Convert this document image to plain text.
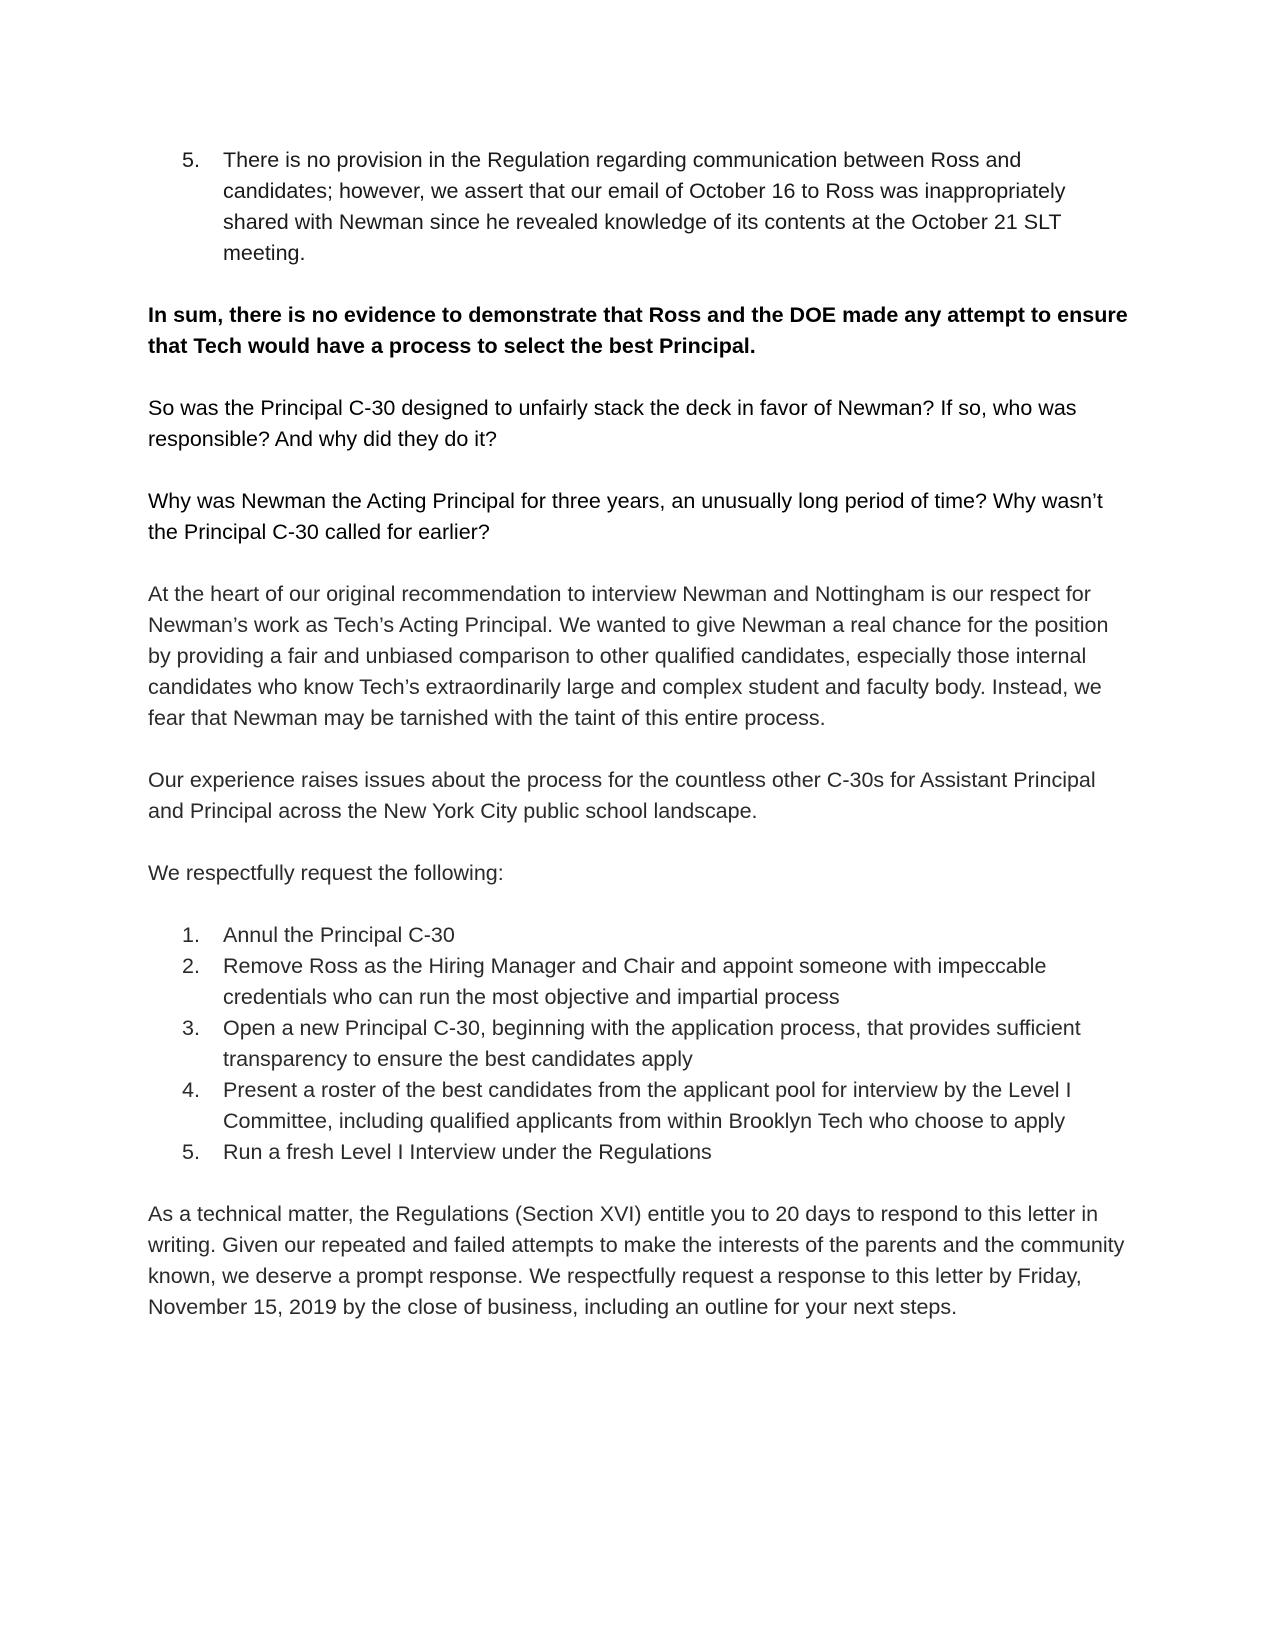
5. There is no provision in the Regulation regarding communication between Ross and candidates; however, we assert that our email of October 16 to Ross was inappropriately shared with Newman since he revealed knowledge of its contents at the October 21 SLT meeting.

In sum, there is no evidence to demonstrate that Ross and the DOE made any attempt to ensure that Tech would have a process to select the best Principal.

So was the Principal C-30 designed to unfairly stack the deck in favor of Newman? If so, who was responsible? And why did they do it?

Why was Newman the Acting Principal for three years, an unusually long period of time? Why wasn’t the Principal C-30 called for earlier?

At the heart of our original recommendation to interview Newman and Nottingham is our respect for Newman’s work as Tech’s Acting Principal. We wanted to give Newman a real chance for the position by providing a fair and unbiased comparison to other qualified candidates, especially those internal candidates who know Tech’s extraordinarily large and complex student and faculty body. Instead, we fear that Newman may be tarnished with the taint of this entire process.

Our experience raises issues about the process for the countless other C-30s for Assistant Principal and Principal across the New York City public school landscape.

We respectfully request the following:

1. Annul the Principal C-30
2. Remove Ross as the Hiring Manager and Chair and appoint someone with impeccable credentials who can run the most objective and impartial process
3. Open a new Principal C-30, beginning with the application process, that provides sufficient transparency to ensure the best candidates apply
4. Present a roster of the best candidates from the applicant pool for interview by the Level I Committee, including qualified applicants from within Brooklyn Tech who choose to apply
5. Run a fresh Level I Interview under the Regulations

As a technical matter, the Regulations (Section XVI) entitle you to 20 days to respond to this letter in writing. Given our repeated and failed attempts to make the interests of the parents and the community known, we deserve a prompt response. We respectfully request a response to this letter by Friday, November 15, 2019 by the close of business, including an outline for your next steps.
